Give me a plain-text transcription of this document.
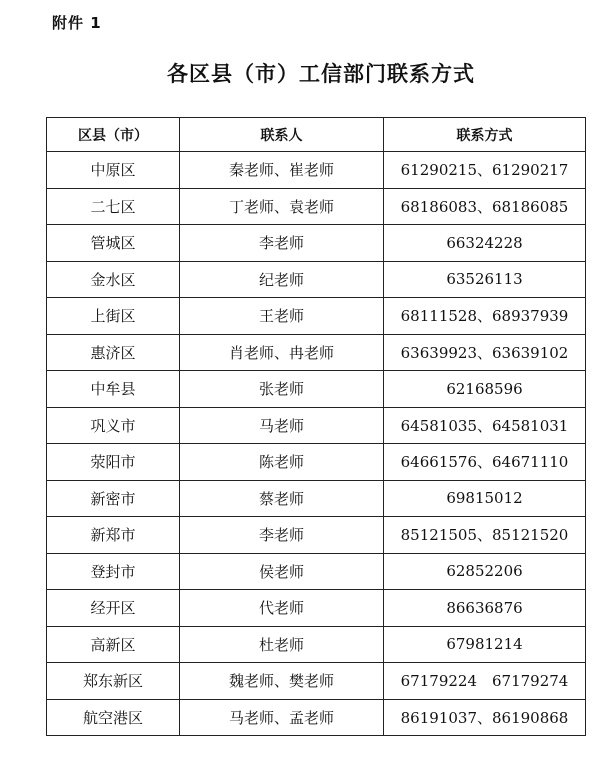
附件 1
各区县（市）工信部门联系方式
区县（市）	联系人	联系方式
中原区	秦老师、崔老师	61290215、61290217
二七区	丁老师、袁老师	68186083、68186085
管城区	李老师	66324228
金水区	纪老师	63526113
上街区	王老师	68111528、68937939
惠济区	肖老师、冉老师	63639923、63639102
中牟县	张老师	62168596
巩义市	马老师	64581035、64581031
荥阳市	陈老师	64661576、64671110
新密市	蔡老师	69815012
新郑市	李老师	85121505、85121520
登封市	侯老师	62852206
经开区	代老师	86636876
高新区	杜老师	67981214
郑东新区	魏老师、樊老师	67179224　67179274
航空港区	马老师、孟老师	86191037、86190868
